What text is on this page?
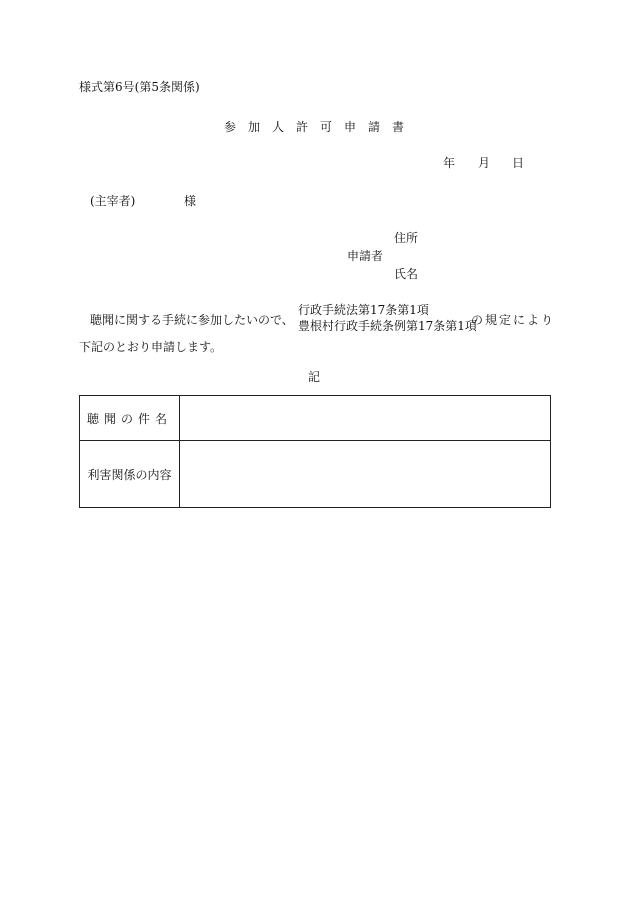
様式第6号(第5条関係)
参加人許可申請書
年 月 日
(主宰者)	様
住所
申請者
氏名
聴聞に関する手続に参加したいので、
行政手続法第17条第1項
豊根村行政手続条例第17条第1項
の規定により
下記のとおり申請します。
記
聴聞の件名	
利害関係の内容	
